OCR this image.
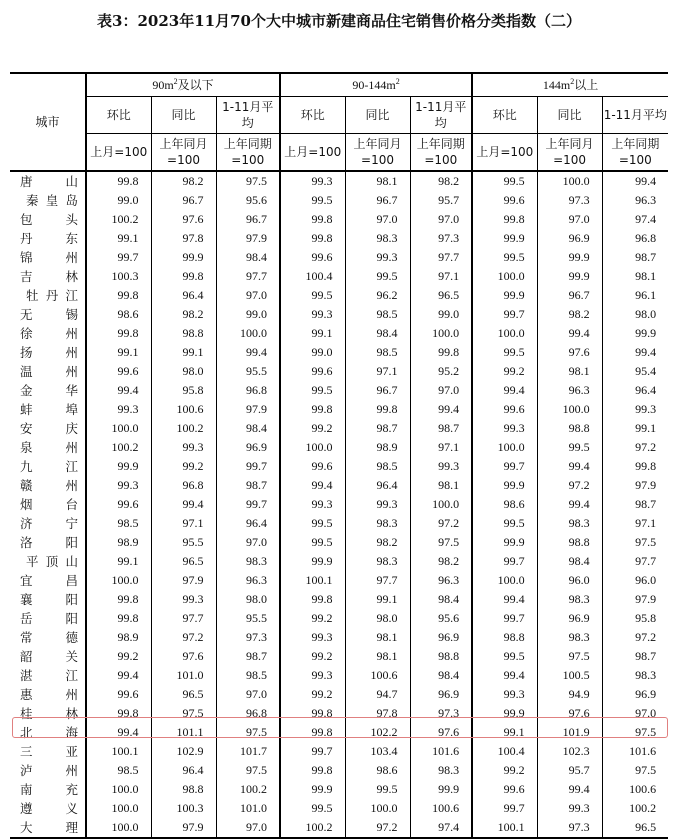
表3：2023年11月70个大中城市新建商品住宅销售价格分类指数（二）
城市	$90m^2$及以下			$90-144m^2$			$144m^2$以上		
	环比	同比	1-11月平均	环比	同比	1-11月平均	环比	同比	1-11月平均
	上月=100	上年同月=100	上年同期=100	上月=100	上年同月=100	上年同期=100	上月=100	上年同月=100	上年同期=100

唐 山	99.8	98.2	97.5	99.3	98.1	98.2	99.5	100.0	99.4

秦 皇 岛	99.0	96.7	95.6	99.5	96.7	95.7	99.6	97.3	96.3

包 头	100.2	97.6	96.7	99.8	97.0	97.0	99.8	97.0	97.4

丹 东	99.1	97.8	97.9	99.8	98.3	97.3	99.9	96.9	96.8

锦 州	99.7	99.9	98.4	99.6	99.3	97.7	99.5	99.9	98.7

吉 林	100.3	99.8	97.7	100.4	99.5	97.1	100.0	99.9	98.1

牡 丹 江	99.8	96.4	97.0	99.5	96.2	96.5	99.9	96.7	96.1

无 锡	98.6	98.2	99.0	99.3	98.5	99.0	99.7	98.2	98.0

徐 州	99.8	98.8	100.0	99.1	98.4	100.0	100.0	99.4	99.9

扬 州	99.1	99.1	99.4	99.0	98.5	99.8	99.5	97.6	99.4

温 州	99.6	98.0	95.5	99.6	97.1	95.2	99.2	98.1	95.4

金 华	99.4	95.8	96.8	99.5	96.7	97.0	99.4	96.3	96.4

蚌 埠	99.3	100.6	97.9	99.8	99.8	99.4	99.6	100.0	99.3

安 庆	100.0	100.2	98.4	99.2	98.7	98.7	99.3	98.8	99.1

泉 州	100.2	99.3	96.9	100.0	98.9	97.1	100.0	99.5	97.2

九 江	99.9	99.2	99.7	99.6	98.5	99.3	99.7	99.4	99.8

赣 州	99.3	96.8	98.7	99.4	96.4	98.1	99.9	97.2	97.9

烟 台	99.6	99.4	99.7	99.3	99.3	100.0	98.6	99.4	98.7

济 宁	98.5	97.1	96.4	99.5	98.3	97.2	99.5	98.3	97.1

洛 阳	98.9	95.5	97.0	99.5	98.2	97.5	99.9	98.8	97.5

平 顶 山	99.1	96.5	98.3	99.9	98.3	98.2	99.7	98.4	97.7

宜 昌	100.0	97.9	96.3	100.1	97.7	96.3	100.0	96.0	96.0

襄 阳	99.8	99.3	98.0	99.8	99.1	98.4	99.4	98.3	97.9

岳 阳	99.8	97.7	95.5	99.2	98.0	95.6	99.7	96.9	95.8

常 德	98.9	97.2	97.3	99.3	98.1	96.9	98.8	98.3	97.2

韶 关	99.2	97.6	98.7	99.2	98.1	98.8	99.5	97.5	98.7

湛 江	99.4	101.0	98.5	99.3	100.6	98.4	99.4	100.5	98.3

惠 州	99.6	96.5	97.0	99.2	94.7	96.9	99.3	94.9	96.9

桂 林	99.8	97.5	96.8	99.8	97.8	97.3	99.9	97.6	97.0

北 海	99.4	101.1	97.5	99.8	102.2	97.6	99.1	101.9	97.5

三 亚	100.1	102.9	101.7	99.7	103.4	101.6	100.4	102.3	101.6

泸 州	98.5	96.4	97.5	99.8	98.6	98.3	99.2	95.7	97.5

南 充	100.0	98.8	100.2	99.9	99.5	99.9	99.6	99.4	100.6

遵 义	100.0	100.3	101.0	99.5	100.0	100.6	99.7	99.3	100.2

大 理	100.0	97.9	97.0	100.2	97.2	97.4	100.1	97.3	96.5
